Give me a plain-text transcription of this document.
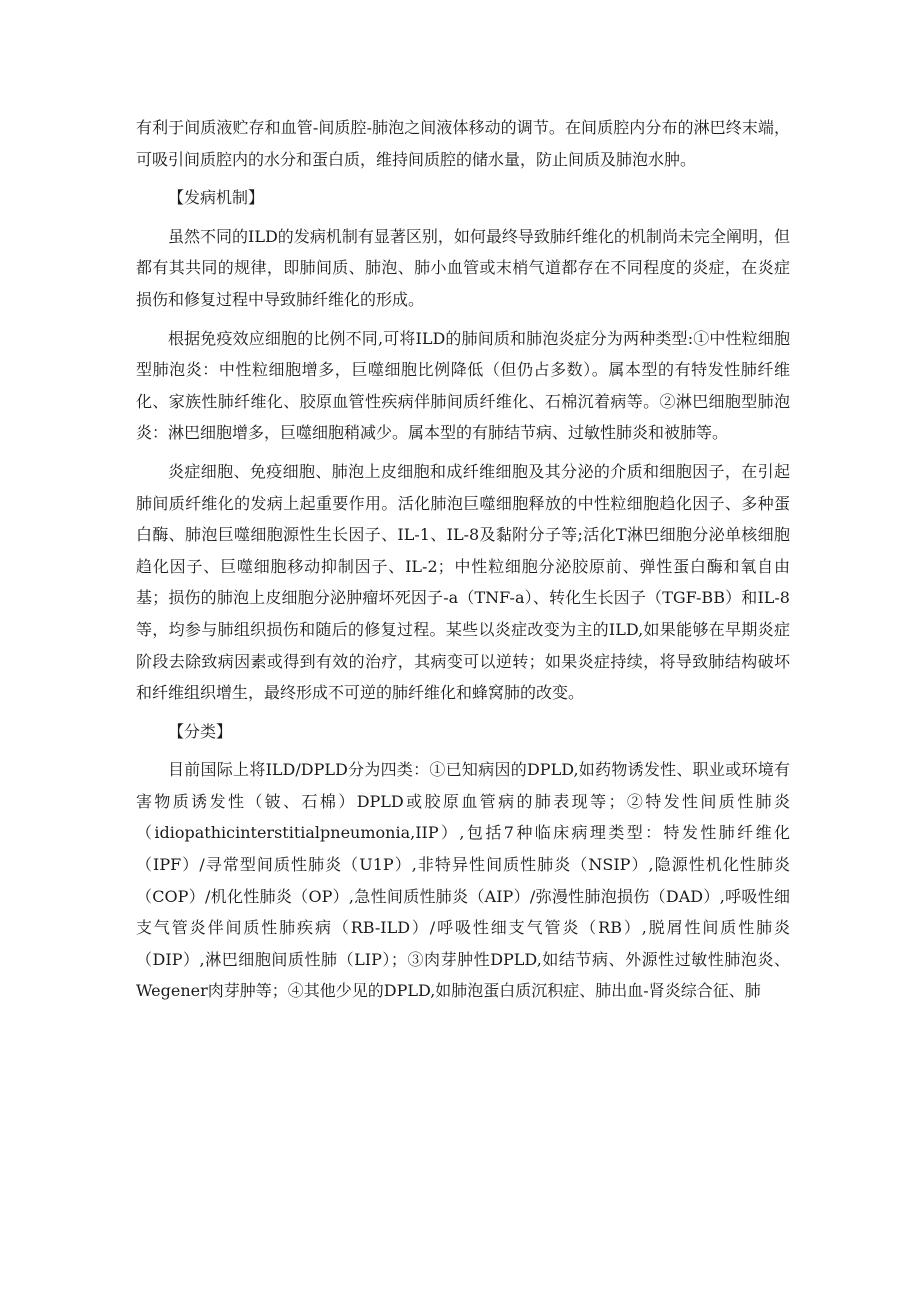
有利于间质液贮存和血管-间质腔-肺泡之间液体移动的调节。在间质腔内分布的淋巴终末端，可吸引间质腔内的水分和蛋白质，维持间质腔的储水量，防止间质及肺泡水肿。

【发病机制】

虽然不同的ILD的发病机制有显著区别，如何最终导致肺纤维化的机制尚未完全阐明，但都有其共同的规律，即肺间质、肺泡、肺小血管或末梢气道都存在不同程度的炎症，在炎症损伤和修复过程中导致肺纤维化的形成。

根据免疫效应细胞的比例不同,可将ILD的肺间质和肺泡炎症分为两种类型:①中性粒细胞型肺泡炎：中性粒细胞增多，巨噬细胞比例降低（但仍占多数）。属本型的有特发性肺纤维化、家族性肺纤维化、胶原血管性疾病伴肺间质纤维化、石棉沉着病等。②淋巴细胞型肺泡炎：淋巴细胞增多，巨噬细胞稍减少。属本型的有肺结节病、过敏性肺炎和被肺等。

炎症细胞、免疫细胞、肺泡上皮细胞和成纤维细胞及其分泌的介质和细胞因子，在引起肺间质纤维化的发病上起重要作用。活化肺泡巨噬细胞释放的中性粒细胞趋化因子、多种蛋白酶、肺泡巨噬细胞源性生长因子、IL-1、IL-8及黏附分子等;活化T淋巴细胞分泌单核细胞趋化因子、巨噬细胞移动抑制因子、IL-2；中性粒细胞分泌胶原前、弹性蛋白酶和氧自由基；损伤的肺泡上皮细胞分泌肿瘤坏死因子-a（TNF-a）、转化生长因子（TGF-BB）和IL-8等，均参与肺组织损伤和随后的修复过程。某些以炎症改变为主的ILD,如果能够在早期炎症阶段去除致病因素或得到有效的治疗，其病变可以逆转；如果炎症持续，将导致肺结构破坏和纤维组织增生，最终形成不可逆的肺纤维化和蜂窝肺的改变。

【分类】

目前国际上将ILD/DPLD分为四类：①已知病因的DPLD,如药物诱发性、职业或环境有害物质诱发性（铍、石棉）DPLD或胶原血管病的肺表现等；②特发性间质性肺炎（idiopathicinterstitialpneumonia,IIP）,包括7种临床病理类型：特发性肺纤维化（IPF）/寻常型间质性肺炎（U1P）,非特异性间质性肺炎（NSIP）,隐源性机化性肺炎（COP）/机化性肺炎（OP）,急性间质性肺炎（AIP）/弥漫性肺泡损伤（DAD）,呼吸性细支气管炎伴间质性肺疾病（RB-ILD）/呼吸性细支气管炎（RB）,脱屑性间质性肺炎（DIP）,淋巴细胞间质性肺（LIP）；③肉芽肿性DPLD,如结节病、外源性过敏性肺泡炎、Wegener肉芽肿等；④其他少见的DPLD,如肺泡蛋白质沉积症、肺出血-肾炎综合征、肺
